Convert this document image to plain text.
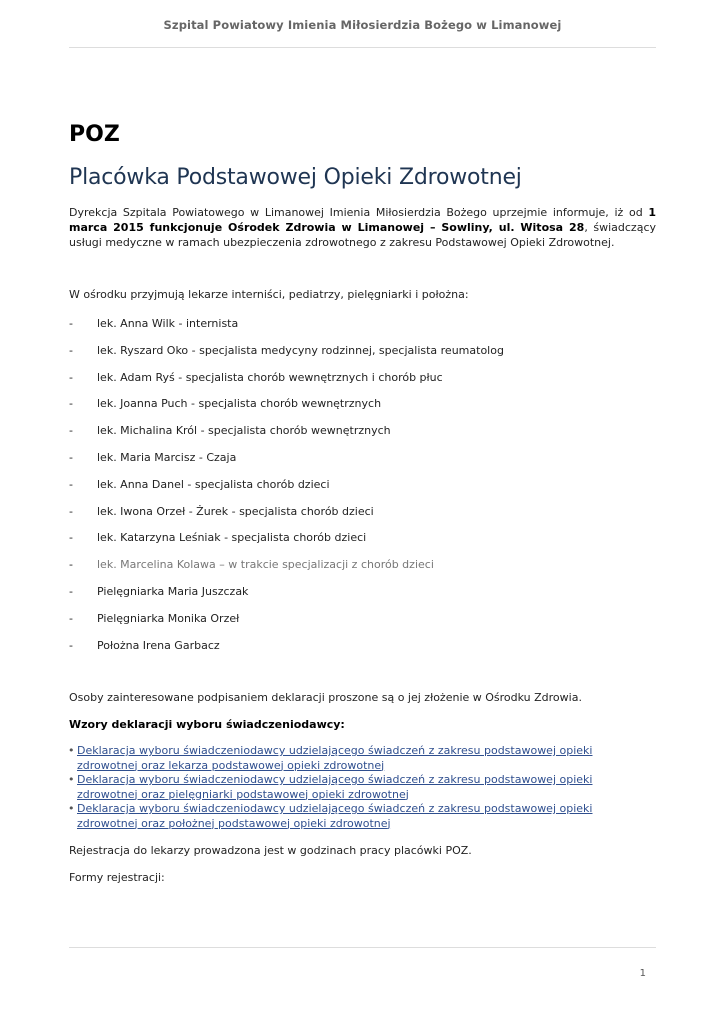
Szpital Powiatowy Imienia Miłosierdzia Bożego w Limanowej
POZ
Placówka Podstawowej Opieki Zdrowotnej

Dyrekcja Szpitala Powiatowego w Limanowej Imienia Miłosierdzia Bożego uprzejmie informuje, iż od 1 marca 2015 funkcjonuje Ośrodek Zdrowia w Limanowej – Sowliny, ul. Witosa 28, świadczący usługi medyczne w ramach ubezpieczenia zdrowotnego z zakresu Podstawowej Opieki Zdrowotnej.

W ośrodku przyjmują lekarze interniści, pediatrzy, pielęgniarki i położna:

- lek. Anna Wilk - internista
- lek. Ryszard Oko - specjalista medycyny rodzinnej, specjalista reumatolog
- lek. Adam Ryś - specjalista chorób wewnętrznych i chorób płuc
- lek. Joanna Puch - specjalista chorób wewnętrznych
- lek. Michalina Król - specjalista chorób wewnętrznych
- lek. Maria Marcisz - Czaja
- lek. Anna Danel - specjalista chorób dzieci
- lek. Iwona Orzeł - Żurek - specjalista chorób dzieci
- lek. Katarzyna Leśniak - specjalista chorób dzieci
- lek. Marcelina Kolawa – w trakcie specjalizacji z chorób dzieci
- Pielęgniarka Maria Juszczak
- Pielęgniarka Monika Orzeł
- Położna Irena Garbacz

Osoby zainteresowane podpisaniem deklaracji proszone są o jej złożenie w Ośrodku Zdrowia.

Wzory deklaracji wyboru świadczeniodawcy:

• Deklaracja wyboru świadczeniodawcy udzielającego świadczeń z zakresu podstawowej opieki zdrowotnej oraz lekarza podstawowej opieki zdrowotnej
• Deklaracja wyboru świadczeniodawcy udzielającego świadczeń z zakresu podstawowej opieki zdrowotnej oraz pielęgniarki podstawowej opieki zdrowotnej
• Deklaracja wyboru świadczeniodawcy udzielającego świadczeń z zakresu podstawowej opieki zdrowotnej oraz położnej podstawowej opieki zdrowotnej

Rejestracja do lekarzy prowadzona jest w godzinach pracy placówki POZ.

Formy rejestracji:

1
